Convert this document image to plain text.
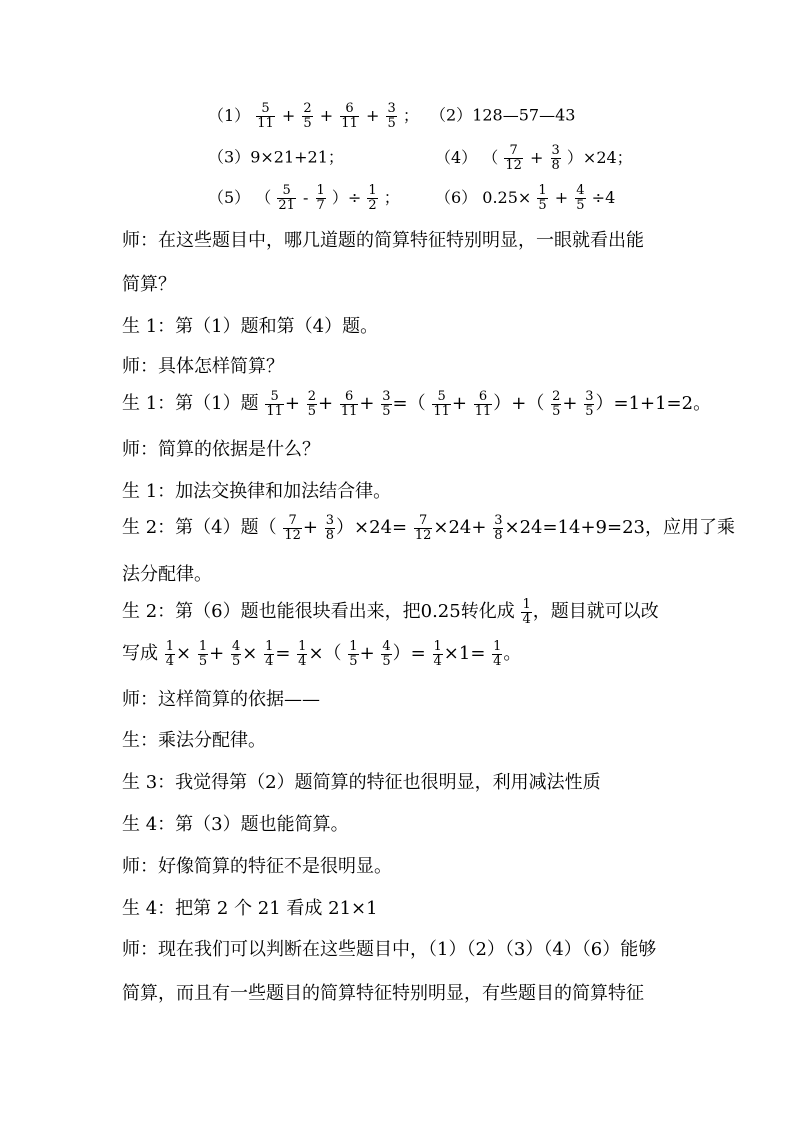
$(1) \frac{5}{11} + \frac{2}{5} + \frac{6}{11} + \frac{3}{5}$ ； （2）128—57—43
（3）9×21+21；	（4） （ $\frac{7}{12} + \frac{3}{8} )\times 24$；
（5） （ $\frac{5}{21} - \frac{1}{7}$ ）÷ $\frac{1}{2}$ ； （6） $0.25\times \frac{1}{5} + \frac{4}{5} \div 4$
师：在这些题目中，哪几道题的简算特征特别明显，一眼就看出能
简算？
生 1：第（1）题和第（4）题。
师：具体怎样简算？
生 1：第（1）题 $\frac{5}{11} + \frac{2}{5} + \frac{6}{11} + \frac{3}{5}$ =（ $\frac{5}{11} + \frac{6}{11}$ ）+（ $\frac{2}{5} + \frac{3}{5} )=1+1=2$。
师：简算的依据是什么？
生 1：加法交换律和加法结合律。
生 2：第（4）题（ $\frac{7}{12} + \frac{3}{8} )\times 24= \frac{7}{12} \times 24+ \frac{3}{8} \times 24=14+9=23$，应用了乘
法分配律。
生 2：第（6）题也能很块看出来，把0.25转化成 $\frac{1}{4}$ ，题目就可以改
写成 $\frac{1}{4} \times \frac{1}{5} + \frac{4}{5} \times \frac{1}{4} = \frac{1}{4}$ ×（ $\frac{1}{5} + \frac{4}{5}$ ）= $\frac{1}{4} \times 1= \frac{1}{4}$ 。
师：这样简算的依据——
生：乘法分配律。
生 3：我觉得第（2）题简算的特征也很明显，利用减法性质
生 4：第（3）题也能简算。
师：好像简算的特征不是很明显。
生 4：把第 2 个 21 看成 21×1
师：现在我们可以判断在这些题目中，（1）（2）（3）（4）（6）能够
简算，而且有一些题目的简算特征特别明显，有些题目的简算特征
